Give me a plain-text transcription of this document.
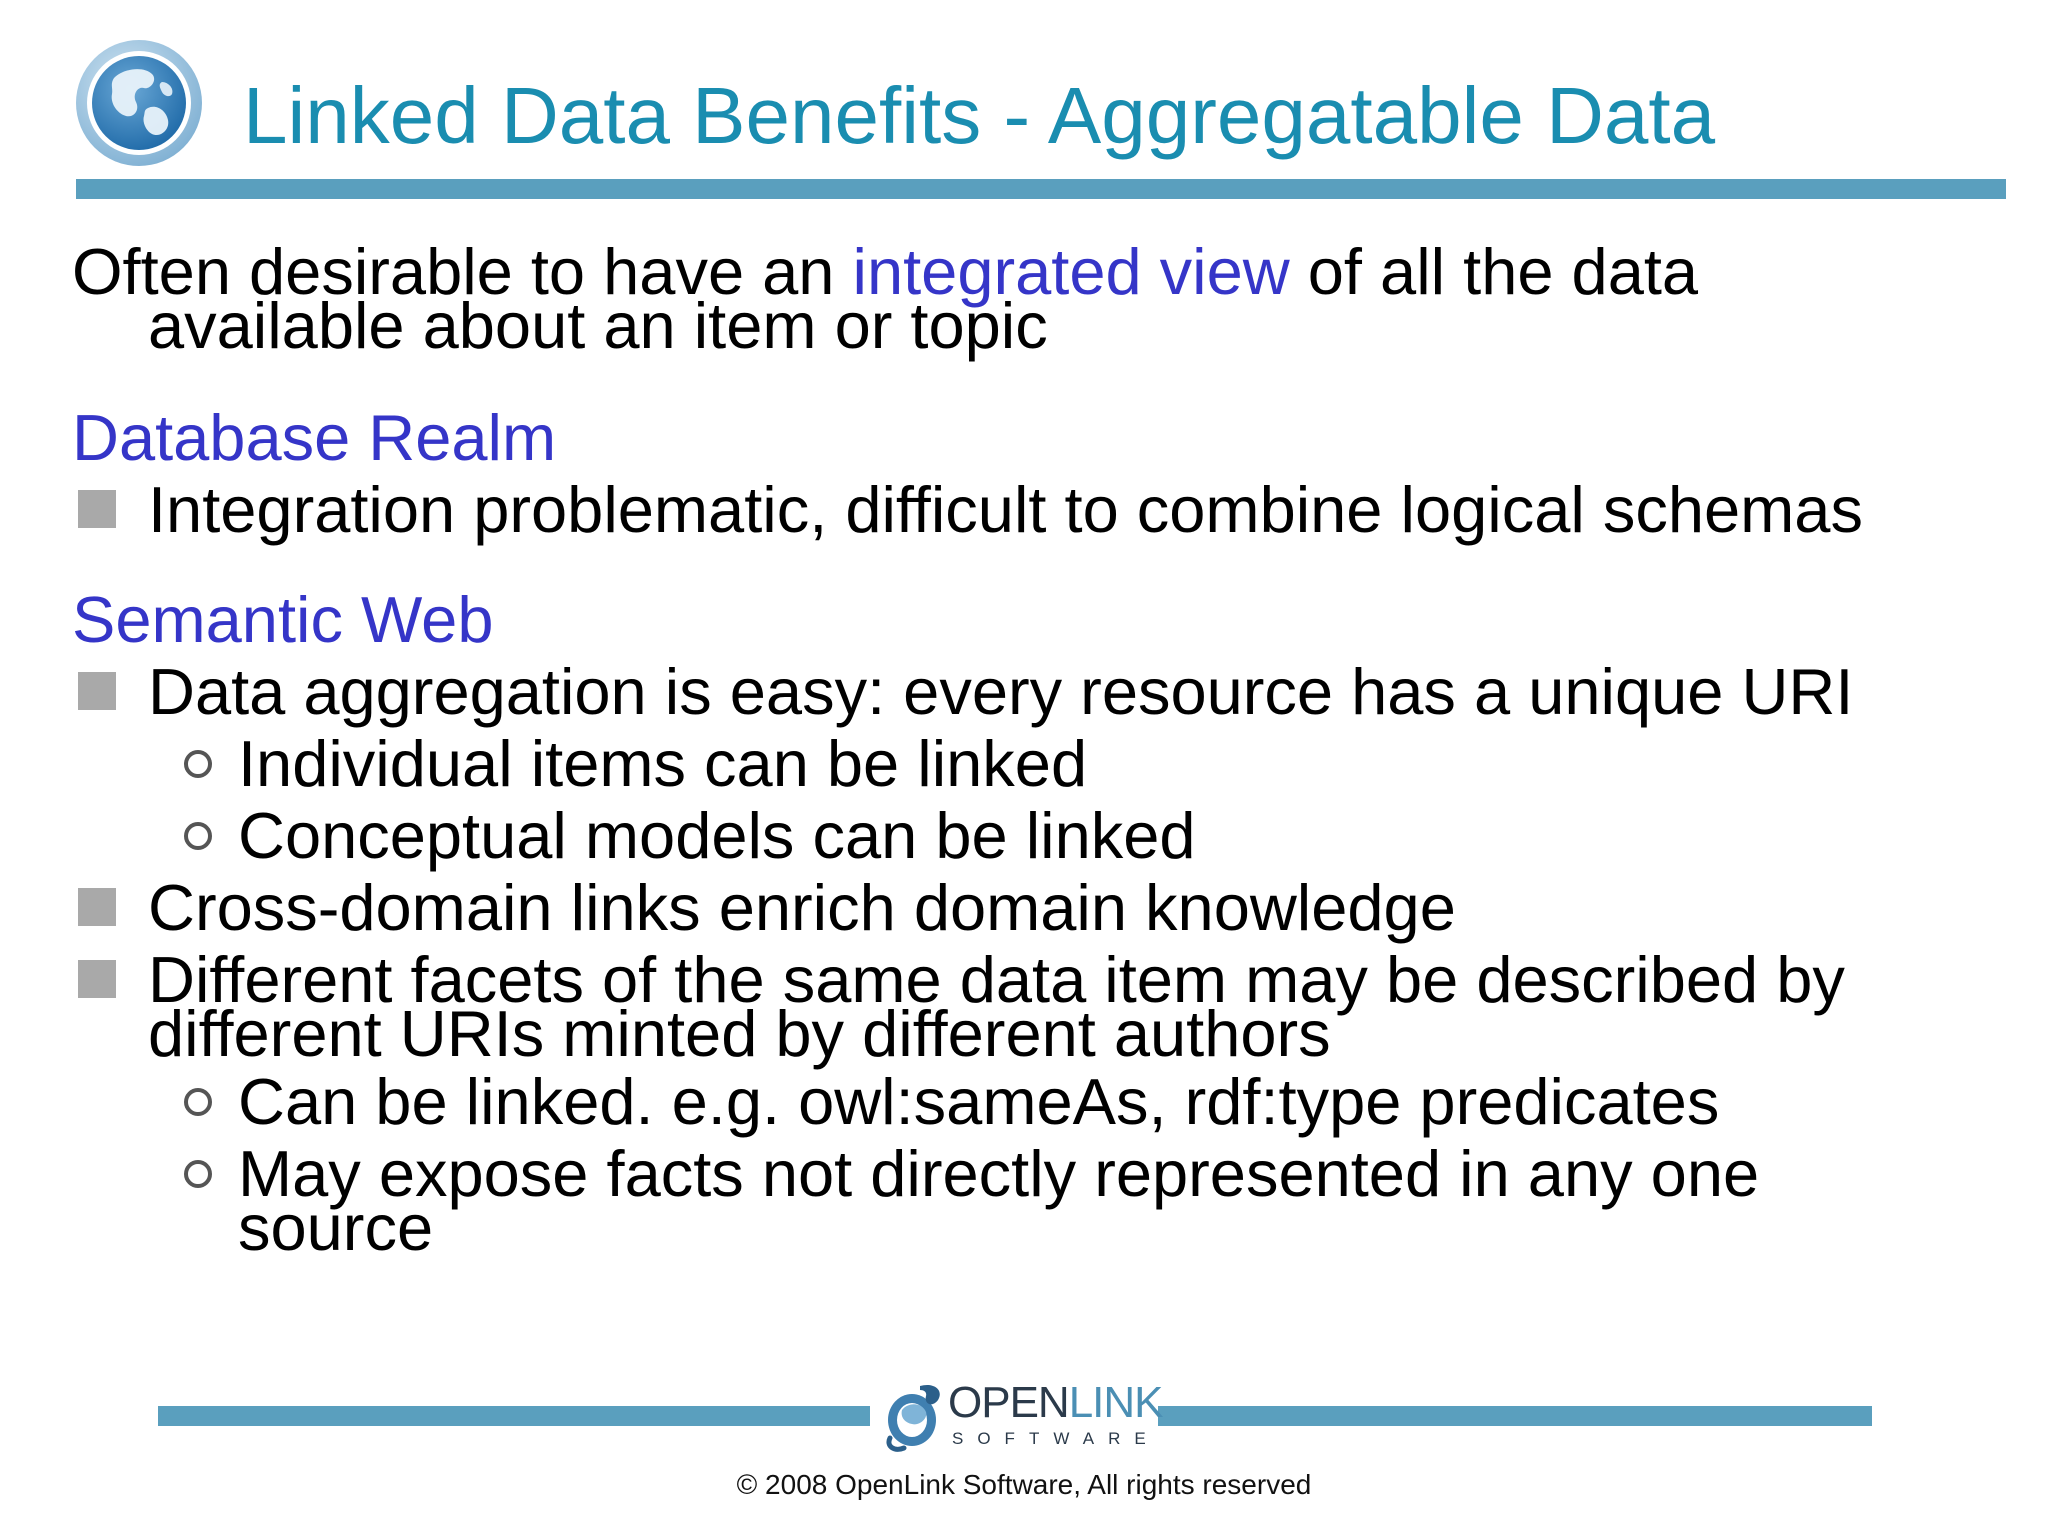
Linked Data Benefits - Aggregatable Data
Often desirable to have an integrated view of all the data
available about an item or topic
Database Realm
Integration problematic, difficult to combine logical schemas
Semantic Web
Data aggregation is easy: every resource has a unique URI
Individual items can be linked
Conceptual models can be linked
Cross-domain links enrich domain knowledge
Different facets of the same data item may be described by
different URIs minted by different authors
Can be linked. e.g. owl:sameAs, rdf:type predicates
May expose facts not directly represented in any one
source
OPENLINK
SOFTWARE
© 2008 OpenLink Software, All rights reserved
